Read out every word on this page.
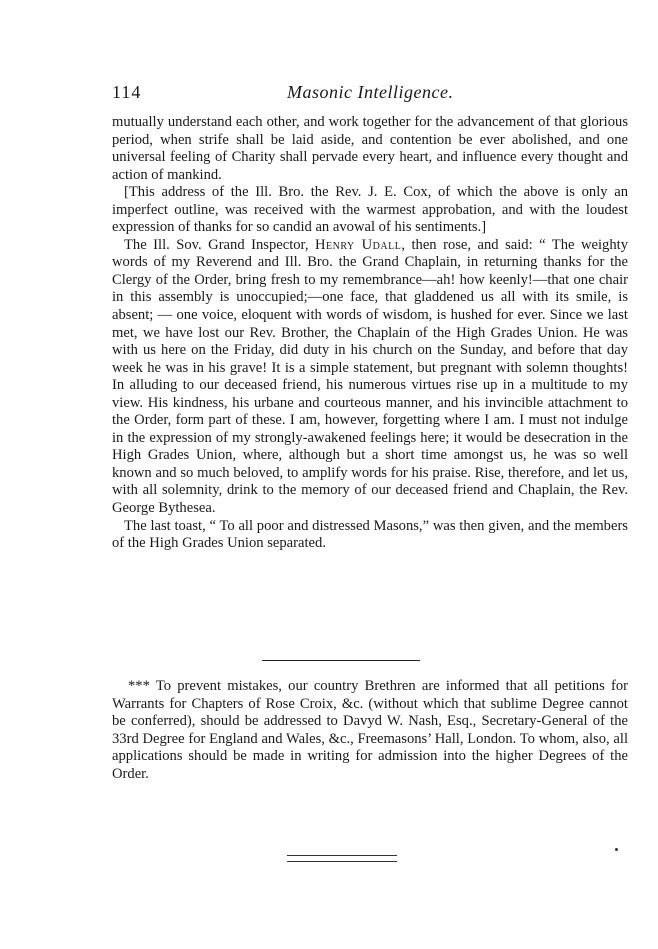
114	Masonic Intelligence.

mutually understand each other, and work together for the advancement of that glorious period, when strife shall be laid aside, and contention be ever abolished, and one universal feeling of Charity shall pervade every heart, and influence every thought and action of mankind.

[This address of the Ill. Bro. the Rev. J. E. Cox, of which the above is only an imperfect outline, was received with the warmest approbation, and with the loudest expression of thanks for so candid an avowal of his sentiments.]

The Ill. Sov. Grand Inspector, Henry Udall, then rose, and said: “ The weighty words of my Reverend and Ill. Bro. the Grand Chaplain, in returning thanks for the Clergy of the Order, bring fresh to my remembrance—ah! how keenly!—that one chair in this assembly is unoccupied;—one face, that gladdened us all with its smile, is absent; — one voice, eloquent with words of wisdom, is hushed for ever. Since we last met, we have lost our Rev. Brother, the Chaplain of the High Grades Union. He was with us here on the Friday, did duty in his church on the Sunday, and before that day week he was in his grave! It is a simple statement, but pregnant with solemn thoughts! In alluding to our deceased friend, his numerous virtues rise up in a multitude to my view. His kindness, his urbane and courteous manner, and his invincible attachment to the Order, form part of these. I am, however, forgetting where I am. I must not indulge in the expression of my strongly-awakened feelings here; it would be desecration in the High Grades Union, where, although but a short time amongst us, he was so well known and so much beloved, to amplify words for his praise. Rise, therefore, and let us, with all solemnity, drink to the memory of our deceased friend and Chaplain, the Rev. George Bythesea.

The last toast, “ To all poor and distressed Masons,” was then given, and the members of the High Grades Union separated.

*** To prevent mistakes, our country Brethren are informed that all petitions for Warrants for Chapters of Rose Croix, &c. (without which that sublime Degree cannot be conferred), should be addressed to Davyd W. Nash, Esq., Secretary-General of the 33rd Degree for England and Wales, &c., Freemasons’ Hall, London. To whom, also, all applications should be made in writing for admission into the higher Degrees of the Order.
